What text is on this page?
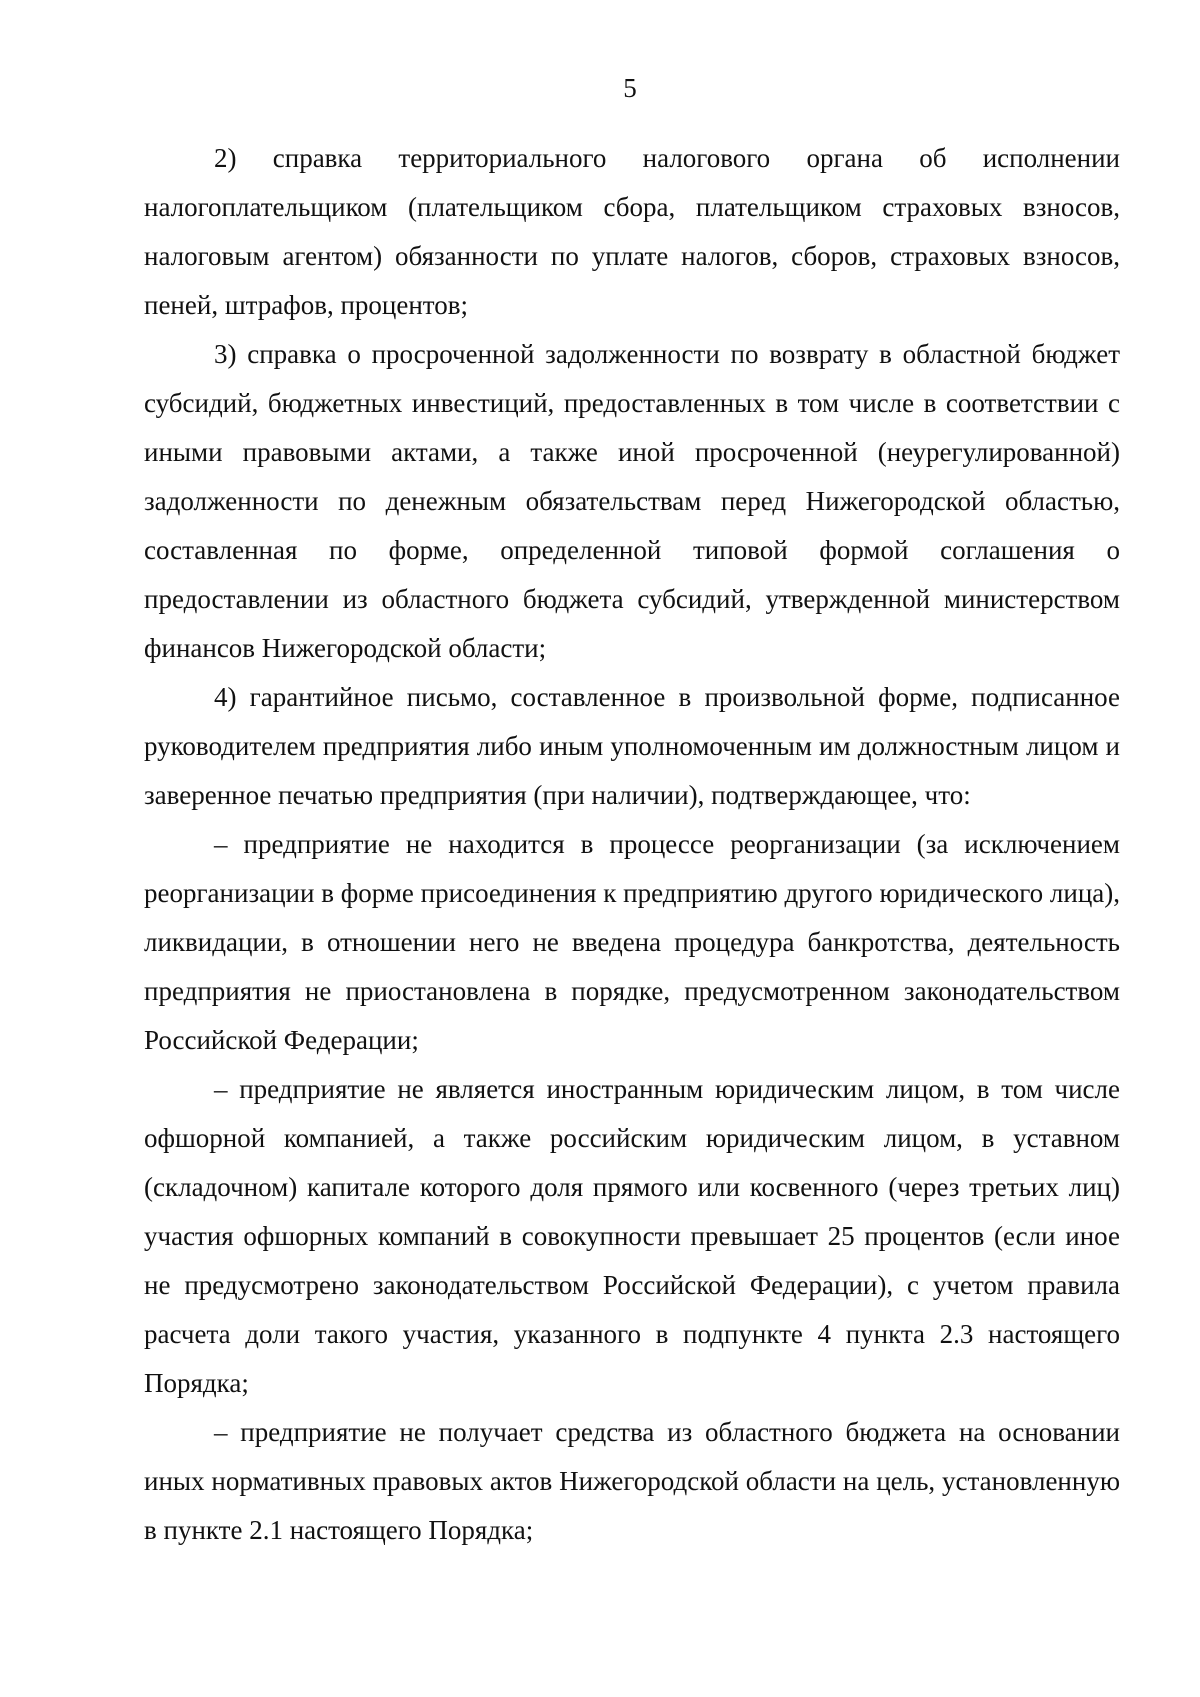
5

2) справка территориального налогового органа об исполнении налогоплательщиком (плательщиком сбора, плательщиком страховых взносов, налоговым агентом) обязанности по уплате налогов, сборов, страховых взносов, пеней, штрафов, процентов;

3) справка о просроченной задолженности по возврату в областной бюджет субсидий, бюджетных инвестиций, предоставленных в том числе в соответствии с иными правовыми актами, а также иной просроченной (неурегулированной) задолженности по денежным обязательствам перед Нижегородской областью, составленная по форме, определенной типовой формой соглашения о предоставлении из областного бюджета субсидий, утвержденной министерством финансов Нижегородской области;

4) гарантийное письмо, составленное в произвольной форме, подписанное руководителем предприятия либо иным уполномоченным им должностным лицом и заверенное печатью предприятия (при наличии), подтверждающее, что:

– предприятие не находится в процессе реорганизации (за исключением реорганизации в форме присоединения к предприятию другого юридического лица), ликвидации, в отношении него не введена процедура банкротства, деятельность предприятия не приостановлена в порядке, предусмотренном законодательством Российской Федерации;

– предприятие не является иностранным юридическим лицом, в том числе офшорной компанией, а также российским юридическим лицом, в уставном (складочном) капитале которого доля прямого или косвенного (через третьих лиц) участия офшорных компаний в совокупности превышает 25 процентов (если иное не предусмотрено законодательством Российской Федерации), с учетом правила расчета доли такого участия, указанного в подпункте 4 пункта 2.3 настоящего Порядка;

– предприятие не получает средства из областного бюджета на основании иных нормативных правовых актов Нижегородской области на цель, установленную в пункте 2.1 настоящего Порядка;
